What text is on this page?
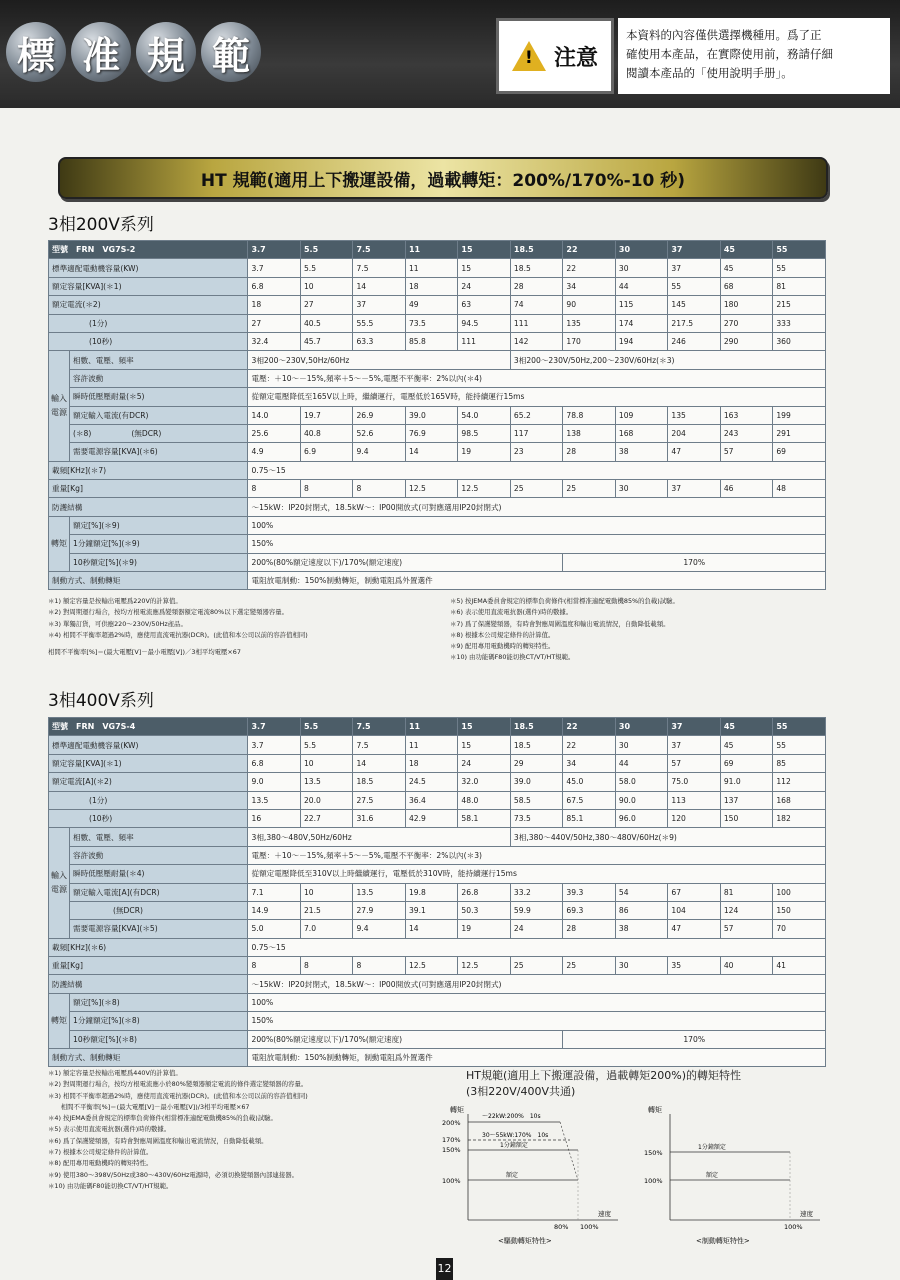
標 准 規 範	! 注意
本資料的內容僅供選擇機種用。爲了正
確使用本產品，在實際使用前，務請仔細
閱讀本產品的「使用說明手册」。
HT 規範(適用上下搬運設備，過載轉矩：200%/170%-10 秒)
3相200V系列
型號　FRN　VG7S-2		3.7	5.5	7.5	11	15	18.5	22	30	37	45	55
標準適配電動機容量(KW)		3.7	5.5	7.5	11	15	18.5	22	30	37	45	55
額定容量[KVA](＊1)		6.8	10	14	18	24	28	34	44	55	68	81
額定電流(＊2)		18	27	37	49	63	74	90	115	145	180	215
(1分)		27	40.5	55.5	73.5	94.5	111	135	174	217.5	270	333
(10秒)		32.4	45.7	63.3	85.8	111	142	170	194	246	290	360
輸入電源	相數、電壓、頻率	3相200〜230V,50Hz/60Hz					3相200〜230V/50Hz,200〜230V/60Hz(＊3)					
	容許波動	電壓：＋10〜－15%,頻率＋5〜－5%,電壓不平衡率：2%以內(＊4)										
	瞬時低壓壓耐量(＊5)	從額定電壓降低至165V以上時，繼續運行，電壓低於165V時，能持續運行15ms										
	額定輸入電流(有DCR)	14.0	19.7	26.9	39.0	54.0	65.2	78.8	109	135	163	199
	(＊8) (無DCR)	25.6	40.8	52.6	76.9	98.5	117	138	168	204	243	291
	需要電源容量[KVA](＊6)	4.9	6.9	9.4	14	19	23	28	38	47	57	69
載頻[KHz](＊7)		0.75〜15										
重量[Kg]		8	8	8	12.5	12.5	25	25	30	37	46	48
防護結構		〜15kW：IP20封閉式，18.5kW〜：IP00開放式(可對應選用IP20封閉式)										
轉矩	額定[%](＊9)	100%										
	1分鐘額定[%](＊9)	150%										
	10秒額定[%](＊9)	200%(80%額定速度以下)/170%(額定速度)						170%				
制動方式、制動轉矩		電阻放電制動：150%制動轉矩，制動電阻爲外置選件										
＊1) 額定容量是按輸出電壓爲220V的計算值。
＊2) 對周期運行場合，按均方根電流應爲變頻器額定電流80%以下選定變頻器容量。
＊3) 單獨訂貨，可供應220〜230V/50Hz產品。
＊4) 相間不平衡率超過2%時，應使用直流電抗器(DCR)。(此值和本公司以前的容許值相同)
相間不平衡率[%]＝(最大電壓[V]－最小電壓[V])／3相平均電壓×67
＊5) 按JEMA委員會規定的標準負荷條件(相當標准適配電動機85%的負載)試驗。
＊6) 表示使用直流電抗器(選件)時的數據。
＊7) 爲了保護變頻器，有時會對應周圍溫度和輸出電流情況，自動降低載頻。
＊8) 根據本公司規定條件的計算值。
＊9) 配用專用電動機時的轉矩特性。
＊10) 由功能碼F80能切換CT/VT/HT規範。
3相400V系列
型號　FRN　VG7S-4		3.7	5.5	7.5	11	15	18.5	22	30	37	45	55
標準適配電動機容量(KW)		3.7	5.5	7.5	11	15	18.5	22	30	37	45	55
額定容量[KVA](＊1)		6.8	10	14	18	24	29	34	44	57	69	85
額定電流[A](＊2)		9.0	13.5	18.5	24.5	32.0	39.0	45.0	58.0	75.0	91.0	112
(1分)		13.5	20.0	27.5	36.4	48.0	58.5	67.5	90.0	113	137	168
(10秒)		16	22.7	31.6	42.9	58.1	73.5	85.1	96.0	120	150	182
輸入電源	相數、電壓、頻率	3相,380〜480V,50Hz/60Hz					3相,380〜440V/50Hz,380〜480V/60Hz(＊9)					
	容許波動	電壓：＋10〜－15%,頻率＋5〜－5%,電壓不平衡率：2%以內(＊3)										
	瞬時低壓壓耐量(＊4)	從額定電壓降低至310V以上時繼續運行，電壓低於310V時，能持續運行15ms										
	額定輸入電流[A](有DCR)	7.1	10	13.5	19.8	26.8	33.2	39.3	54	67	81	100
	(無DCR)	14.9	21.5	27.9	39.1	50.3	59.9	69.3	86	104	124	150
	需要電源容量[KVA](＊5)	5.0	7.0	9.4	14	19	24	28	38	47	57	70
載頻[KHz](＊6)		0.75〜15										
重量[Kg]		8	8	8	12.5	12.5	25	25	30	35	40	41
防護結構		〜15kW：IP20封閉式，18.5kW〜：IP00開放式(可對應選用IP20封閉式)										
轉矩	額定[%](＊8)	100%										
	1分鐘額定[%](＊8)	150%										
	10秒額定[%](＊8)	200%(80%額定速度以下)/170%(額定速度)						170%				
制動方式、制動轉矩		電阻放電制動：150%制動轉矩，制動電阻爲外置選件										
＊1) 額定容量是按輸出電壓爲440V的計算值。
＊2) 對周期運行場合，按均方根電流應小於80%變頻器額定電流的條件選定變頻器的容量。
＊3) 相間不平衡率超過2%時，應使用直流電抗器(DCR)。(此值和本公司以前的容許值相同)
　　相間不平衡率[%]＝(最大電壓[V]－最小電壓[V])/3相平均電壓×67
＊4) 按JEMA委員會規定的標準負荷條件(相當標准適配電動機85%的負載)試驗。
＊5) 表示使用直流電抗器(選件)時的數據。
＊6) 爲了保護變頻器，有時會對應周圍溫度和輸出電流情況，自動降低載頻。
＊7) 根據本公司規定條件的計算值。
＊8) 配用專用電動機時的轉矩特性。
＊9) 使用380〜398V/50Hz或380〜430V/60Hz電源時，必須切換變頻器內部連接器。
＊10) 由功能碼F80能切換CT/VT/HT規範。
HT規範(適用上下搬運設備，過載轉矩200%)的轉矩特性
(3相220V/400V共通)
轉矩
200%
170%
150%
100%
〜22kW:200%　10s
30〜55kW:170%　10s
1分鐘額定
額定
速度
80% 100%
<驅動轉矩特性>
轉矩
150%
100%
1分鐘額定
額定
速度
100%
<制動轉矩特性>
12
